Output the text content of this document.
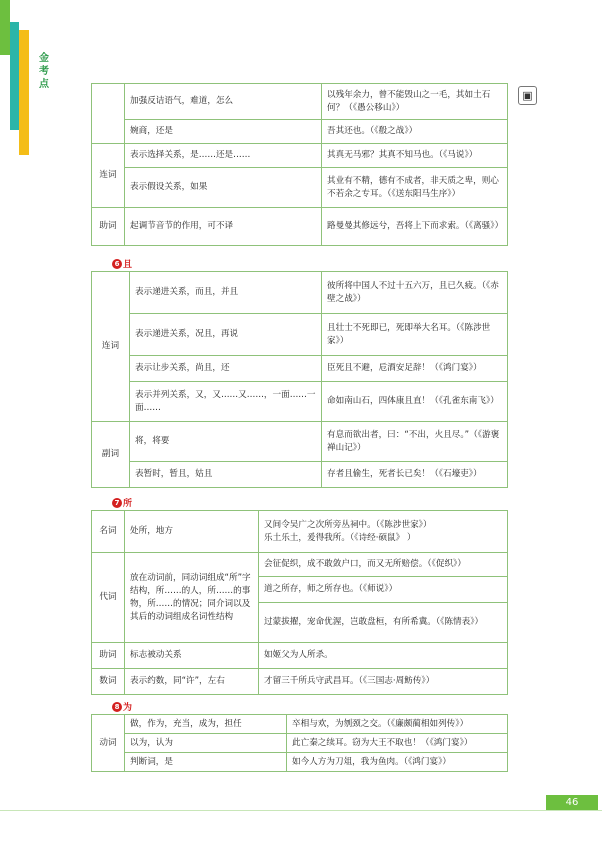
金考点
▣
	加强反诘语气，难道，怎么	以残年余力，曾不能毁山之一毛，其如土石何？（《愚公移山》）
	婉商，还是	吾其还也。（《殽之战》）
连词	表示选择关系，是……还是……	其真无马邪？其真不知马也。（《马说》）
	表示假设关系，如果	其业有不精，德有不成者，非天质之卑，则心不若余之专耳。（《送东阳马生序》）
助词	起调节音节的作用，可不译	路曼曼其修远兮，吾将上下而求索。（《离骚》）
6 且
连词	表示递进关系，而且，并且	彼所将中国人不过十五六万，且已久疲。（《赤壁之战》）
	表示递进关系，况且，再说	且壮士不死即已，死即举大名耳。（《陈涉世家》）
	表示让步关系，尚且，还	臣死且不避，卮酒安足辞！（《鸿门宴》）
	表示并列关系，又，又……又……，一面……一面……	命如南山石，四体康且直！（《孔雀东南飞》）
副词	将，将要	有息而欲出者，曰：“不出，火且尽。”（《游褒禅山记》）
	表暂时，暂且，姑且	存者且偷生，死者长已矣！（《石壕吏》）
7 所
名词	处所，地方	又间令吴广之次所旁丛祠中。（《陈涉世家》）
乐土乐土，爰得我所。（《诗经·硕鼠》 ）
代词	放在动词前，同动词组成“所”字结构，所……的人，所……的事物，所……的情况；同介词以及其后的动词组成名词性结构	会征促织，成不敢敛户口，而又无所赔偿。（《促织》）
		道之所存，师之所存也。（《师说》）
		过蒙拔擢，宠命优渥，岂敢盘桓，有所希冀。（《陈情表》）
助词	标志被动关系	如姬父为人所杀。
数词	表示约数，同“许”，左右	才留三千所兵守武昌耳。（《三国志·周鲂传》）
8 为
动词	做，作为，充当，成为，担任	卒相与欢，为刎颈之交。（《廉颇蔺相如列传》）
	以为，认为	此亡秦之续耳。窃为大王不取也！（《鸿门宴》）
	判断词，是	如今人方为刀俎，我为鱼肉。（《鸿门宴》）
46
